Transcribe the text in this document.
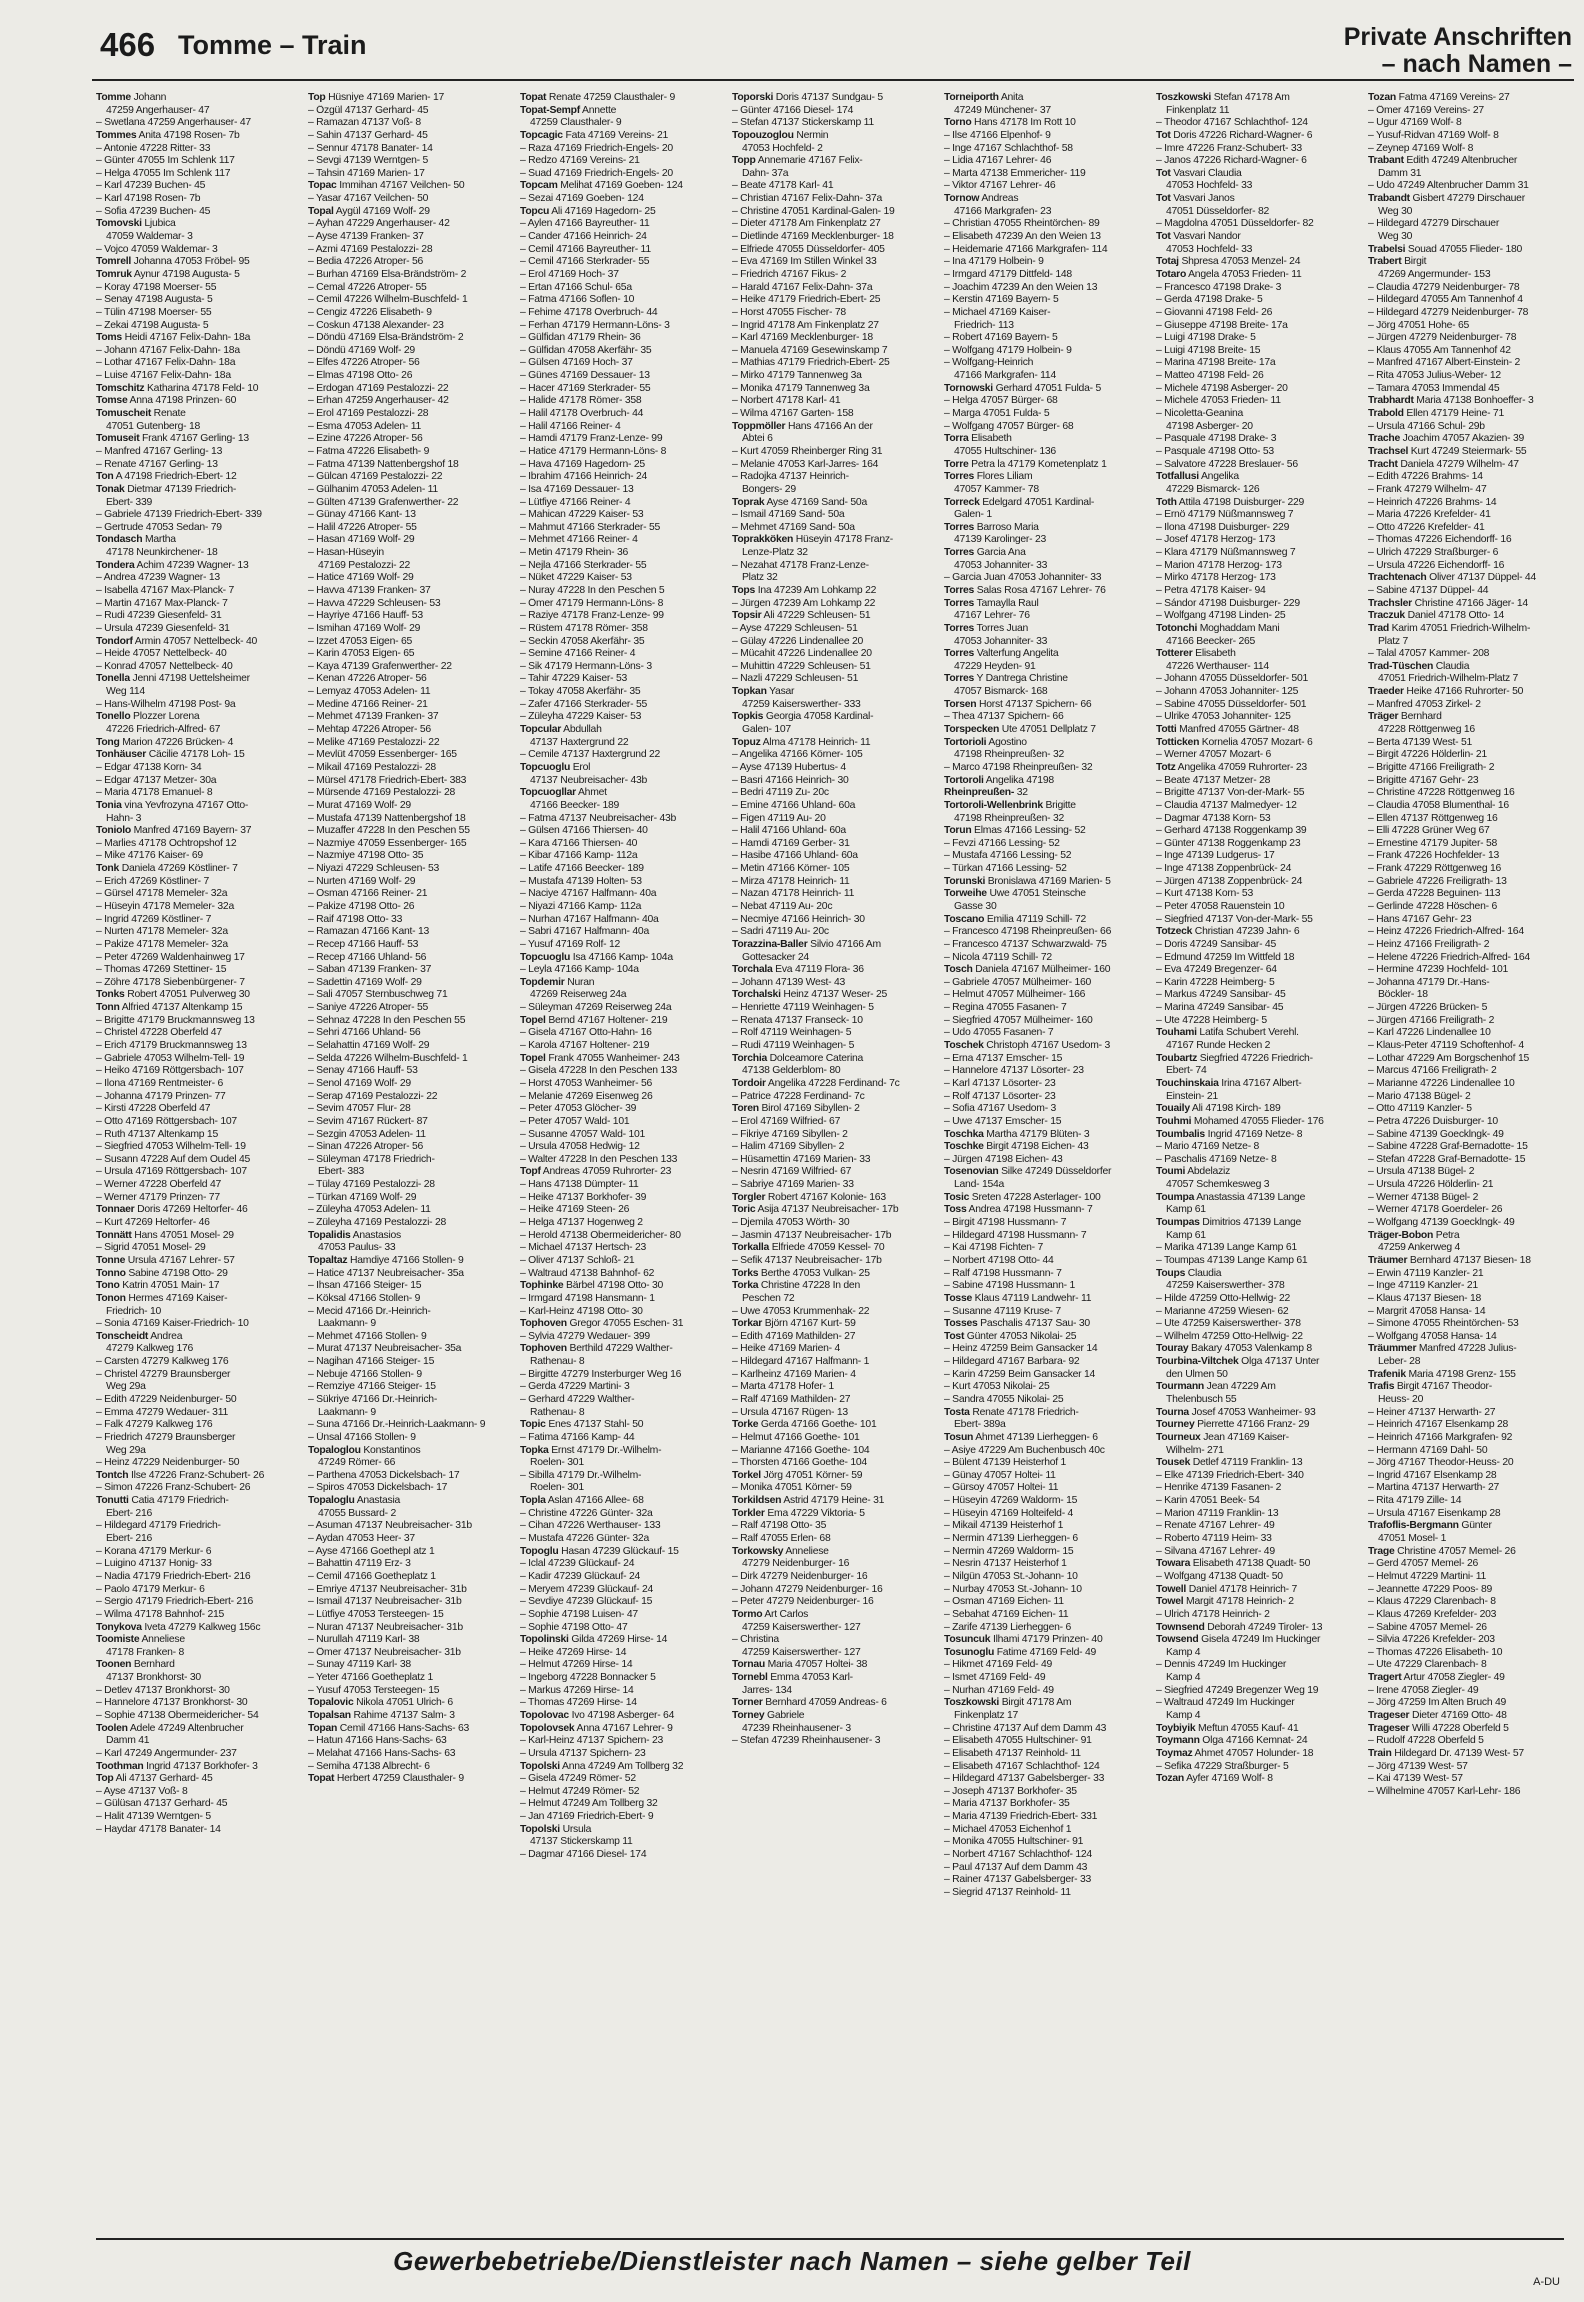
466 Tomme – Train	Private Anschriften
– nach Namen –
Tomme Johann
47259 Angerhauser- 47
– Swetlana 47259 Angerhauser- 47
Tommes Anita 47198 Rosen- 7b
– Antonie 47228 Ritter- 33
– Günter 47055 Im Schlenk 117
– Helga 47055 Im Schlenk 117
– Karl 47239 Buchen- 45
– Karl 47198 Rosen- 7b
– Sofia 47239 Buchen- 45
Tomovski Ljubica
47059 Waldemar- 3
– Vojco 47059 Waldemar- 3
Tomrell Johanna 47053 Fröbel- 95
Tomruk Aynur 47198 Augusta- 5
– Koray 47198 Moerser- 55
– Senay 47198 Augusta- 5
– Tülin 47198 Moerser- 55
– Zekai 47198 Augusta- 5
Toms Heidi 47167 Felix-Dahn- 18a
– Johann 47167 Felix-Dahn- 18a
– Lothar 47167 Felix-Dahn- 18a
– Luise 47167 Felix-Dahn- 18a
Tomschitz Katharina 47178 Feld- 10
Tomse Anna 47198 Prinzen- 60
Tomuscheit Renate
47051 Gutenberg- 18
Tomuseit Frank 47167 Gerling- 13
– Manfred 47167 Gerling- 13
– Renate 47167 Gerling- 13
Ton A 47198 Friedrich-Ebert- 12
Tonak Dietmar 47139 Friedrich-
Ebert- 339
– Gabriele 47139 Friedrich-Ebert- 339
– Gertrude 47053 Sedan- 79
Tondasch Martha
47178 Neunkirchener- 18
Tondera Achim 47239 Wagner- 13
– Andrea 47239 Wagner- 13
– Isabella 47167 Max-Planck- 7
– Martin 47167 Max-Planck- 7
– Rudi 47239 Giesenfeld- 31
– Ursula 47239 Giesenfeld- 31
Tondorf Armin 47057 Nettelbeck- 40
– Heide 47057 Nettelbeck- 40
– Konrad 47057 Nettelbeck- 40
Tonella Jenni 47198 Uettelsheimer
Weg 114
– Hans-Wilhelm 47198 Post- 9a
Tonello Plozzer Lorena
47226 Friedrich-Alfred- 67
Tong Marion 47226 Brücken- 4
Tonhäuser Cäcilie 47178 Loh- 15
– Edgar 47138 Korn- 34
– Edgar 47137 Metzer- 30a
– Maria 47178 Emanuel- 8
Tonia vina Yevfrozyna 47167 Otto-
Hahn- 3
Toniolo Manfred 47169 Bayern- 37
– Marlies 47178 Ochtropshof 12
– Mike 47176 Kaiser- 69
Tonk Daniela 47269 Köstliner- 7
– Erich 47269 Köstliner- 7
– Gürsel 47178 Memeler- 32a
– Hüseyin 47178 Memeler- 32a
– Ingrid 47269 Köstliner- 7
– Nurten 47178 Memeler- 32a
– Pakize 47178 Memeler- 32a
– Peter 47269 Waldenhainweg 17
– Thomas 47269 Stettiner- 15
– Zöhre 47178 Siebenbürgener- 7
Tonks Robert 47051 Pulverweg 30
Tonn Alfried 47137 Altenkamp 15
– Brigitte 47179 Bruckmannsweg 13
– Christel 47228 Oberfeld 47
– Erich 47179 Bruckmannsweg 13
– Gabriele 47053 Wilhelm-Tell- 19
– Heiko 47169 Röttgersbach- 107
– Ilona 47169 Rentmeister- 6
– Johanna 47179 Prinzen- 77
– Kirsti 47228 Oberfeld 47
– Otto 47169 Röttgersbach- 107
– Ruth 47137 Altenkamp 15
– Siegfried 47053 Wilhelm-Tell- 19
– Susann 47228 Auf dem Oudel 45
– Ursula 47169 Röttgersbach- 107
– Werner 47228 Oberfeld 47
– Werner 47179 Prinzen- 77
Tonnaer Doris 47269 Heltorfer- 46
– Kurt 47269 Heltorfer- 46
Tonnätt Hans 47051 Mosel- 29
– Sigrid 47051 Mosel- 29
Tonne Ursula 47167 Lehrer- 57
Tonno Sabine 47198 Otto- 29
Tono Katrin 47051 Main- 17
Tonon Hermes 47169 Kaiser-
Friedrich- 10
– Sonia 47169 Kaiser-Friedrich- 10
Tonscheidt Andrea
47279 Kalkweg 176
– Carsten 47279 Kalkweg 176
– Christel 47279 Braunsberger
Weg 29a
– Edith 47229 Neidenburger- 50
– Emma 47279 Wedauer- 311
– Falk 47279 Kalkweg 176
– Friedrich 47279 Braunsberger
Weg 29a
– Heinz 47229 Neidenburger- 50
Tontch Ilse 47226 Franz-Schubert- 26
– Simon 47226 Franz-Schubert- 26
Tonutti Catia 47179 Friedrich-
Ebert- 216
– Hildegard 47179 Friedrich-
Ebert- 216
– Korana 47179 Merkur- 6
– Luigino 47137 Honig- 33
– Nadia 47179 Friedrich-Ebert- 216
– Paolo 47179 Merkur- 6
– Sergio 47179 Friedrich-Ebert- 216
– Wilma 47178 Bahnhof- 215
Tonykova Iveta 47279 Kalkweg 156c
Toomiste Anneliese
47178 Franken- 8
Toonen Bernhard
47137 Bronkhorst- 30
– Detlev 47137 Bronkhorst- 30
– Hannelore 47137 Bronkhorst- 30
– Sophie 47138 Obermeidericher- 54
Toolen Adele 47249 Altenbrucher
Damm 41
– Karl 47249 Angermunder- 237
Toothman Ingrid 47137 Borkhofer- 3
Top Ali 47137 Gerhard- 45
– Ayse 47137 Voß- 8
– Gülüsan 47137 Gerhard- 45
– Halit 47139 Werntgen- 5
– Haydar 47178 Banater- 14
Top Hüsniye 47169 Marien- 17
– Özgül 47137 Gerhard- 45
– Ramazan 47137 Voß- 8
– Sahin 47137 Gerhard- 45
– Sennur 47178 Banater- 14
– Sevgi 47139 Werntgen- 5
– Tahsin 47169 Marien- 17
Topac Immihan 47167 Veilchen- 50
– Yasar 47167 Veilchen- 50
Topal Aygül 47169 Wolf- 29
– Ayhan 47229 Angerhauser- 42
– Ayse 47139 Franken- 37
– Azmi 47169 Pestalozzi- 28
– Bedia 47226 Atroper- 56
– Burhan 47169 Elsa-Brändström- 2
– Cemal 47226 Atroper- 55
– Cemil 47226 Wilhelm-Buschfeld- 1
– Cengiz 47226 Elisabeth- 9
– Coskun 47138 Alexander- 23
– Döndü 47169 Elsa-Brändström- 2
– Döndü 47169 Wolf- 29
– Elfes 47226 Atroper- 56
– Elmas 47198 Otto- 26
– Erdogan 47169 Pestalozzi- 22
– Erhan 47259 Angerhauser- 42
– Erol 47169 Pestalozzi- 28
– Esma 47053 Adelen- 11
– Ezine 47226 Atroper- 56
– Fatma 47226 Elisabeth- 9
– Fatma 47139 Nattenbergshof 18
– Gülcan 47169 Pestalozzi- 22
– Gülhanim 47053 Adelen- 11
– Gülten 47139 Grafenwerther- 22
– Günay 47166 Kant- 13
– Halil 47226 Atroper- 55
– Hasan 47169 Wolf- 29
– Hasan-Hüseyin
47169 Pestalozzi- 22
– Hatice 47169 Wolf- 29
– Havva 47139 Franken- 37
– Havva 47229 Schleusen- 53
– Hayriye 47166 Hauff- 53
– Ismihan 47169 Wolf- 29
– Izzet 47053 Eigen- 65
– Karin 47053 Eigen- 65
– Kaya 47139 Grafenwerther- 22
– Kenan 47226 Atroper- 56
– Lemyaz 47053 Adelen- 11
– Medine 47166 Reiner- 21
– Mehmet 47139 Franken- 37
– Mehtap 47226 Atroper- 56
– Melike 47169 Pestalozzi- 22
– Mevlüt 47059 Essenberger- 165
– Mikail 47169 Pestalozzi- 28
– Mürsel 47178 Friedrich-Ebert- 383
– Mürsende 47169 Pestalozzi- 28
– Murat 47169 Wolf- 29
– Mustafa 47139 Nattenbergshof 18
– Muzaffer 47228 In den Peschen 55
– Nazmiye 47059 Essenberger- 165
– Nazmiye 47198 Otto- 35
– Niyazi 47229 Schleusen- 53
– Nurten 47169 Wolf- 29
– Osman 47166 Reiner- 21
– Pakize 47198 Otto- 26
– Raif 47198 Otto- 33
– Ramazan 47166 Kant- 13
– Recep 47166 Hauff- 53
– Recep 47166 Uhland- 56
– Saban 47139 Franken- 37
– Sadettin 47169 Wolf- 29
– Sali 47057 Sternbuschweg 71
– Saniye 47226 Atroper- 55
– Sehnaz 47228 In den Peschen 55
– Sehri 47166 Uhland- 56
– Selahattin 47169 Wolf- 29
– Selda 47226 Wilhelm-Buschfeld- 1
– Senay 47166 Hauff- 53
– Senol 47169 Wolf- 29
– Serap 47169 Pestalozzi- 22
– Sevim 47057 Flur- 28
– Sevim 47167 Rückert- 87
– Sezgin 47053 Adelen- 11
– Sinan 47226 Atroper- 56
– Süleyman 47178 Friedrich-
Ebert- 383
– Tülay 47169 Pestalozzi- 28
– Türkan 47169 Wolf- 29
– Züleyha 47053 Adelen- 11
– Züleyha 47169 Pestalozzi- 28
Topalidis Anastasios
47053 Paulus- 33
Topaltaz Hamdiye 47166 Stollen- 9
– Hatice 47137 Neubreisacher- 35a
– Ihsan 47166 Steiger- 15
– Köksal 47166 Stollen- 9
– Mecid 47166 Dr.-Heinrich-
Laakmann- 9
– Mehmet 47166 Stollen- 9
– Murat 47137 Neubreisacher- 35a
– Nagihan 47166 Steiger- 15
– Nebuje 47166 Stollen- 9
– Remziye 47166 Steiger- 15
– Sükriye 47166 Dr.-Heinrich-
Laakmann- 9
– Suna 47166 Dr.-Heinrich-Laakmann- 9
– Ünsal 47166 Stollen- 9
Topaloglou Konstantinos
47249 Römer- 66
– Parthena 47053 Dickelsbach- 17
– Spiros 47053 Dickelsbach- 17
Topaloglu Anastasia
47055 Bussard- 2
– Asuman 47137 Neubreisacher- 31b
– Aydan 47053 Heer- 37
– Ayse 47166 Goethepl atz 1
– Bahattin 47119 Erz- 3
– Cemil 47166 Goetheplatz 1
– Emriye 47137 Neubreisacher- 31b
– Ismail 47137 Neubreisacher- 31b
– Lütfiye 47053 Tersteegen- 15
– Nuran 47137 Neubreisacher- 31b
– Nurullah 47119 Karl- 38
– Ömer 47137 Neubreisacher- 31b
– Sunay 47119 Karl- 38
– Yeter 47166 Goetheplatz 1
– Yusuf 47053 Tersteegen- 15
Topalovic Nikola 47051 Ulrich- 6
Topalsan Rahime 47137 Salm- 3
Topan Cemil 47166 Hans-Sachs- 63
– Hatun 47166 Hans-Sachs- 63
– Melahat 47166 Hans-Sachs- 63
– Semiha 47138 Albrecht- 6
Topat Herbert 47259 Clausthaler- 9
Topat Renate 47259 Clausthaler- 9
Topat-Sempf Annette
47259 Clausthaler- 9
Topcagic Fata 47169 Vereins- 21
– Raza 47169 Friedrich-Engels- 20
– Redzo 47169 Vereins- 21
– Suad 47169 Friedrich-Engels- 20
Topcam Melihat 47169 Goeben- 124
– Sezai 47169 Goeben- 124
Topcu Ali 47169 Hagedorn- 25
– Aylen 47166 Bayreuther- 11
– Cander 47166 Heinrich- 24
– Cemil 47166 Bayreuther- 11
– Cemil 47166 Sterkrader- 55
– Erol 47169 Hoch- 37
– Ertan 47166 Schul- 65a
– Fatma 47166 Soflen- 10
– Fehime 47178 Overbruch- 44
– Ferhan 47179 Hermann-Löns- 3
– Gülfidan 47179 Rhein- 36
– Gülfidan 47058 Akerfähr- 35
– Gülsen 47169 Hoch- 37
– Günes 47169 Dessauer- 13
– Hacer 47169 Sterkrader- 55
– Halide 47178 Römer- 358
– Halil 47178 Overbruch- 44
– Halil 47166 Reiner- 4
– Hamdi 47179 Franz-Lenze- 99
– Hatice 47179 Hermann-Löns- 8
– Hava 47169 Hagedorn- 25
– Ibrahim 47166 Heinrich- 24
– Isa 47169 Dessauer- 13
– Lütfiye 47166 Reiner- 4
– Mahican 47229 Kaiser- 53
– Mahmut 47166 Sterkrader- 55
– Mehmet 47166 Reiner- 4
– Metin 47179 Rhein- 36
– Nejla 47166 Sterkrader- 55
– Nüket 47229 Kaiser- 53
– Nuray 47228 In den Peschen 5
– Ömer 47179 Hermann-Löns- 8
– Raziye 47178 Franz-Lenze- 99
– Rüstem 47178 Römer- 358
– Seckin 47058 Akerfähr- 35
– Semine 47166 Reiner- 4
– Sik 47179 Hermann-Löns- 3
– Tahir 47229 Kaiser- 53
– Tokay 47058 Akerfähr- 35
– Zafer 47166 Sterkrader- 55
– Züleyha 47229 Kaiser- 53
Topcular Abdullah
47137 Haxtergrund 22
– Cemile 47137 Haxtergrund 22
Topcuoglu Erol
47137 Neubreisacher- 43b
Topcuogllar Ahmet
47166 Beecker- 189
– Fatma 47137 Neubreisacher- 43b
– Gülsen 47166 Thiersen- 40
– Kara 47166 Thiersen- 40
– Kibar 47166 Kamp- 112a
– Latife 47166 Beecker- 189
– Mustafa 47139 Holten- 53
– Naciye 47167 Halfmann- 40a
– Niyazi 47166 Kamp- 112a
– Nurhan 47167 Halfmann- 40a
– Sabri 47167 Halfmann- 40a
– Yusuf 47169 Rolf- 12
Topcuoglu Isa 47166 Kamp- 104a
– Leyla 47166 Kamp- 104a
Topdemir Nuran
47269 Reiserweg 24a
– Süleyman 47269 Reiserweg 24a
Topel Bernd 47167 Holtener- 219
– Gisela 47167 Otto-Hahn- 16
– Karola 47167 Holtener- 219
Topel Frank 47055 Wanheimer- 243
– Gisela 47228 In den Peschen 133
– Horst 47053 Wanheimer- 56
– Melanie 47269 Eisenweg 26
– Peter 47053 Glöcher- 39
– Peter 47057 Wald- 101
– Susanne 47057 Wald- 101
– Ursula 47058 Hedwig- 12
– Walter 47228 In den Peschen 133
Topf Andreas 47059 Ruhrorter- 23
– Hans 47138 Dümpter- 11
– Heike 47137 Borkhofer- 39
– Heike 47169 Steen- 26
– Helga 47137 Hogenweg 2
– Herold 47138 Obermeidericher- 80
– Michael 47137 Hertsch- 23
– Oliver 47137 Schloß- 21
– Waltraud 47138 Bahnhof- 62
Tophinke Bärbel 47198 Otto- 30
– Irmgard 47198 Hansmann- 1
– Karl-Heinz 47198 Otto- 30
Tophoven Gregor 47055 Eschen- 31
– Sylvia 47279 Wedauer- 399
Tophoven Berthild 47229 Walther-
Rathenau- 8
– Birgitte 47279 Insterburger Weg 16
– Gerda 47229 Martini- 3
– Gerhard 47229 Walther-
Rathenau- 8
Topic Enes 47137 Stahl- 50
– Fatima 47166 Kamp- 44
Topka Ernst 47179 Dr.-Wilhelm-
Roelen- 301
– Sibilla 47179 Dr.-Wilhelm-
Roelen- 301
Topla Aslan 47166 Allee- 68
– Christine 47226 Günter- 32a
– Cihan 47226 Werthauser- 133
– Mustafa 47226 Günter- 32a
Topoglu Hasan 47239 Glückauf- 15
– Iclal 47239 Glückauf- 24
– Kadir 47239 Glückauf- 24
– Meryem 47239 Glückauf- 24
– Sevdiye 47239 Glückauf- 15
– Sophie 47198 Luisen- 47
– Sophie 47198 Otto- 47
Topolinski Gilda 47269 Hirse- 14
– Heike 47269 Hirse- 14
– Helmut 47269 Hirse- 14
– Ingeborg 47228 Bonnacker 5
– Markus 47269 Hirse- 14
– Thomas 47269 Hirse- 14
Topolovac Ivo 47198 Asberger- 64
Topolovsek Anna 47167 Lehrer- 9
– Karl-Heinz 47137 Spichern- 23
– Ursula 47137 Spichern- 23
Topolski Anna 47249 Am Tollberg 32
– Gisela 47249 Römer- 52
– Helmut 47249 Römer- 52
– Helmut 47249 Am Tollberg 32
– Jan 47169 Friedrich-Ebert- 9
Topolski Ursula
47137 Stickerskamp 11
– Dagmar 47166 Diesel- 174
Toporski Doris 47137 Sundgau- 5
– Günter 47166 Diesel- 174
– Stefan 47137 Stickerskamp 11
Topouzoglou Nermin
47053 Hochfeld- 2
Topp Annemarie 47167 Felix-
Dahn- 37a
– Beate 47178 Karl- 41
– Christian 47167 Felix-Dahn- 37a
– Christine 47051 Kardinal-Galen- 19
– Dieter 47178 Am Finkenplatz 27
– Dietlinde 47169 Mecklenburger- 18
– Elfriede 47055 Düsseldorfer- 405
– Eva 47169 Im Stillen Winkel 33
– Friedrich 47167 Fikus- 2
– Harald 47167 Felix-Dahn- 37a
– Heike 47179 Friedrich-Ebert- 25
– Horst 47055 Fischer- 78
– Ingrid 47178 Am Finkenplatz 27
– Karl 47169 Mecklenburger- 18
– Manuela 47169 Gesewinskamp 7
– Mathias 47179 Friedrich-Ebert- 25
– Mirko 47179 Tannenweg 3a
– Monika 47179 Tannenweg 3a
– Norbert 47178 Karl- 41
– Wilma 47167 Garten- 158
Toppmöller Hans 47166 An der
Abtei 6
– Kurt 47059 Rheinberger Ring 31
– Melanie 47053 Karl-Jarres- 164
– Radojka 47137 Heinrich-
Bongers- 29
Toprak Ayse 47169 Sand- 50a
– Ismail 47169 Sand- 50a
– Mehmet 47169 Sand- 50a
Toprakköken Hüseyin 47178 Franz-
Lenze-Platz 32
– Nezahat 47178 Franz-Lenze-
Platz 32
Tops Ina 47239 Am Lohkamp 22
– Jürgen 47239 Am Lohkamp 22
Topsir Ali 47229 Schleusen- 51
– Ayse 47229 Schleusen- 51
– Gülay 47226 Lindenallee 20
– Mücahit 47226 Lindenallee 20
– Muhittin 47229 Schleusen- 51
– Nazli 47229 Schleusen- 51
Topkan Yasar
47259 Kaiserswerther- 333
Topkis Georgia 47058 Kardinal-
Galen- 107
Topuz Alma 47178 Heinrich- 11
– Angelika 47166 Körner- 105
– Ayse 47139 Hubertus- 4
– Basri 47166 Heinrich- 30
– Bedri 47119 Zu- 20c
– Emine 47166 Uhland- 60a
– Figen 47119 Au- 20
– Halil 47166 Uhland- 60a
– Hamdi 47169 Gerber- 31
– Hasibe 47166 Uhland- 60a
– Metin 47166 Körner- 105
– Mirza 47178 Heinrich- 11
– Nazan 47178 Heinrich- 11
– Nebat 47119 Au- 20c
– Necmiye 47166 Heinrich- 30
– Sadri 47119 Au- 20c
Torazzina-Baller Silvio 47166 Am
Gottesacker 24
Torchala Eva 47119 Flora- 36
– Johann 47139 West- 43
Torchalski Heinz 47137 Weser- 25
– Henriette 47119 Weinhagen- 5
– Renata 47137 Franseck- 10
– Rolf 47119 Weinhagen- 5
– Rudi 47119 Weinhagen- 5
Torchia Dolceamore Caterina
47138 Gelderblom- 80
Tordoir Angelika 47228 Ferdinand- 7c
– Patrice 47228 Ferdinand- 7c
Toren Birol 47169 Sibyllen- 2
– Erol 47169 Wilfried- 67
– Fikriye 47169 Sibyllen- 2
– Halim 47169 Sibyllen- 2
– Hüsamettin 47169 Marien- 33
– Nesrin 47169 Wilfried- 67
– Sabriye 47169 Marien- 33
Torgler Robert 47167 Kolonie- 163
Toric Asija 47137 Neubreisacher- 17b
– Djemila 47053 Wörth- 30
– Jasmin 47137 Neubreisacher- 17b
Torkalla Elfriede 47059 Kessel- 70
– Sefik 47137 Neubreisacher- 17b
Torks Berthe 47053 Vulkan- 25
Torka Christine 47228 In den
Peschen 72
– Uwe 47053 Krummenhak- 22
Torkar Björn 47167 Kurt- 59
– Edith 47169 Mathilden- 27
– Heike 47169 Marien- 4
– Hildegard 47167 Halfmann- 1
– Karlheinz 47169 Marien- 4
– Marta 47178 Hofer- 1
– Ralf 47169 Mathilden- 27
– Ursula 47167 Rügen- 13
Torke Gerda 47166 Goethe- 101
– Helmut 47166 Goethe- 101
– Marianne 47166 Goethe- 104
– Thorsten 47166 Goethe- 104
Torkel Jörg 47051 Körner- 59
– Monika 47051 Körner- 59
Torkildsen Astrid 47179 Heine- 31
Torkler Ema 47229 Viktoria- 5
– Ralf 47198 Otto- 35
– Ralf 47055 Erlen- 68
Torkowsky Anneliese
47279 Neidenburger- 16
– Dirk 47279 Neidenburger- 16
– Johann 47279 Neidenburger- 16
– Peter 47279 Neidenburger- 16
Tormo Art Carlos
47259 Kaiserswerther- 127
– Christina
47259 Kaiserswerther- 127
Tornau Maria 47057 Holtei- 38
Tornebl Emma 47053 Karl-
Jarres- 134
Torner Bernhard 47059 Andreas- 6
Torney Gabriele
47239 Rheinhausener- 3
– Stefan 47239 Rheinhausener- 3
Torneiporth Anita
47249 Münchener- 37
Torno Hans 47178 Im Rott 10
– Ilse 47166 Elpenhof- 9
– Inge 47167 Schlachthof- 58
– Lidia 47167 Lehrer- 46
– Marta 47138 Emmericher- 119
– Viktor 47167 Lehrer- 46
Tornow Andreas
47166 Markgrafen- 23
– Christian 47055 Rheintörchen- 89
– Elisabeth 47239 An den Weien 13
– Heidemarie 47166 Markgrafen- 114
– Ina 47179 Holbein- 9
– Irmgard 47179 Dittfeld- 148
– Joachim 47239 An den Weien 13
– Kerstin 47169 Bayern- 5
– Michael 47169 Kaiser-
Friedrich- 113
– Robert 47169 Bayern- 5
– Wolfgang 47179 Holbein- 9
– Wolfgang-Heinrich
47166 Markgrafen- 114
Tornowski Gerhard 47051 Fulda- 5
– Helga 47057 Bürger- 68
– Marga 47051 Fulda- 5
– Wolfgang 47057 Bürger- 68
Torra Elisabeth
47055 Hultschiner- 136
Torre Petra la 47179 Kometenplatz 1
Torres Flores Liliam
47057 Kammer- 78
Torreck Edelgard 47051 Kardinal-
Galen- 1
Torres Barroso Maria
47139 Karolinger- 23
Torres Garcia Ana
47053 Johanniter- 33
– Garcia Juan 47053 Johanniter- 33
Torres Salas Rosa 47167 Lehrer- 76
Torres Tamaylla Raul
47167 Lehrer- 76
Torres Torres Juan
47053 Johanniter- 33
Torres Valterfung Angelita
47229 Heyden- 91
Torres Y Dantrega Christine
47057 Bismarck- 168
Torsen Horst 47137 Spichern- 66
– Thea 47137 Spichern- 66
Torspecken Ute 47051 Dellplatz 7
Tortorioli Agostino
47198 Rheinpreußen- 32
– Marco 47198 Rheinpreußen- 32
Tortoroli Angelika 47198
Rheinpreußen- 32
Tortoroli-Wellenbrink Brigitte
47198 Rheinpreußen- 32
Torun Elmas 47166 Lessing- 52
– Fevzi 47166 Lessing- 52
– Mustafa 47166 Lessing- 52
– Türkan 47166 Lessing- 52
Torunski Bronislawa 47169 Marien- 5
Torweihe Uwe 47051 Steinsche
Gasse 30
Toscano Emilia 47119 Schill- 72
– Francesco 47198 Rheinpreußen- 66
– Francesco 47137 Schwarzwald- 75
– Nicola 47119 Schill- 72
Tosch Daniela 47167 Mülheimer- 160
– Gabriele 47057 Mülheimer- 160
– Helmut 47057 Mülheimer- 166
– Regina 47055 Fasanen- 7
– Siegfried 47057 Mülheimer- 160
– Udo 47055 Fasanen- 7
Toschek Christoph 47167 Usedom- 3
– Erna 47137 Emscher- 15
– Hannelore 47137 Lösorter- 23
– Karl 47137 Lösorter- 23
– Rolf 47137 Lösorter- 23
– Sofia 47167 Usedom- 3
– Uwe 47137 Emscher- 15
Toschka Martha 47179 Blüten- 3
Toschke Birgit 47198 Eichen- 43
– Jürgen 47198 Eichen- 43
Tosenovian Silke 47249 Düsseldorfer
Land- 154a
Tosic Sreten 47228 Asterlager- 100
Toss Andrea 47198 Hussmann- 7
– Birgit 47198 Hussmann- 7
– Hildegard 47198 Hussmann- 7
– Kai 47198 Fichten- 7
– Norbert 47198 Otto- 44
– Ralf 47198 Hussmann- 7
– Sabine 47198 Hussmann- 1
Tosse Klaus 47119 Landwehr- 11
– Susanne 47119 Kruse- 7
Tosses Paschalis 47137 Sau- 30
Tost Günter 47053 Nikolai- 25
– Heinz 47259 Beim Gansacker 14
– Hildegard 47167 Barbara- 92
– Karin 47259 Beim Gansacker 14
– Kurt 47053 Nikolai- 25
– Sandra 47055 Nikolai- 25
Tosta Renate 47178 Friedrich-
Ebert- 389a
Tosun Ahmet 47139 Lierheggen- 6
– Asiye 47229 Am Buchenbusch 40c
– Bülent 47139 Heisterhof 1
– Günay 47057 Holtei- 11
– Gürsoy 47057 Holtei- 11
– Hüseyin 47269 Waldorm- 15
– Hüseyin 47169 Holteifeld- 4
– Mikail 47139 Heisterhof 1
– Nermin 47139 Lierheggen- 6
– Nermin 47269 Waldorm- 15
– Nesrin 47137 Heisterhof 1
– Nilgün 47053 St.-Johann- 10
– Nurbay 47053 St.-Johann- 10
– Osman 47169 Eichen- 11
– Sebahat 47169 Eichen- 11
– Zarife 47139 Lierheggen- 6
Tosuncuk Ilhami 47179 Prinzen- 40
Tosunoglu Fatime 47169 Feld- 49
– Hikmet 47169 Feld- 49
– Ismet 47169 Feld- 49
– Nurhan 47169 Feld- 49
Toszkowski Birgit 47178 Am
Finkenplatz 17
– Christine 47137 Auf dem Damm 43
– Elisabeth 47055 Hultschiner- 91
– Elisabeth 47137 Reinhold- 11
– Elisabeth 47167 Schlachthof- 124
– Hildegard 47137 Gabelsberger- 33
– Joseph 47137 Borkhofer- 35
– Maria 47137 Borkhofer- 35
– Maria 47139 Friedrich-Ebert- 331
– Michael 47053 Eichenhof 1
– Monika 47055 Hultschiner- 91
– Norbert 47167 Schlachthof- 124
– Paul 47137 Auf dem Damm 43
– Rainer 47137 Gabelsberger- 33
– Siegrid 47137 Reinhold- 11
Toszkowski Stefan 47178 Am
Finkenplatz 11
– Theodor 47167 Schlachthof- 124
Tot Doris 47226 Richard-Wagner- 6
– Imre 47226 Franz-Schubert- 33
– Janos 47226 Richard-Wagner- 6
Tot Vasvari Claudia
47053 Hochfeld- 33
Tot Vasvari Janos
47051 Düsseldorfer- 82
– Magdolna 47051 Düsseldorfer- 82
Tot Vasvari Nandor
47053 Hochfeld- 33
Totaj Shpresa 47053 Menzel- 24
Totaro Angela 47053 Frieden- 11
– Francesco 47198 Drake- 3
– Gerda 47198 Drake- 5
– Giovanni 47198 Feld- 26
– Giuseppe 47198 Breite- 17a
– Luigi 47198 Drake- 5
– Luigi 47198 Breite- 15
– Marina 47198 Breite- 17a
– Matteo 47198 Feld- 26
– Michele 47198 Asberger- 20
– Michele 47053 Frieden- 11
– Nicoletta-Geanina
47198 Asberger- 20
– Pasquale 47198 Drake- 3
– Pasquale 47198 Otto- 53
– Salvatore 47228 Breslauer- 56
Totfallusi Angelika
47229 Bismarck- 126
Toth Attila 47198 Duisburger- 229
– Ernö 47179 Nüßmannsweg 7
– Ilona 47198 Duisburger- 229
– Josef 47178 Herzog- 173
– Klara 47179 Nüßmannsweg 7
– Marion 47178 Herzog- 173
– Mirko 47178 Herzog- 173
– Petra 47178 Kaiser- 94
– Sándor 47198 Duisburger- 229
– Wolfgang 47198 Linden- 25
Totonchi Moghaddam Mani
47166 Beecker- 265
Totterer Elisabeth
47226 Werthauser- 114
– Johann 47055 Düsseldorfer- 501
– Johann 47053 Johanniter- 125
– Sabine 47055 Düsseldorfer- 501
– Ulrike 47053 Johanniter- 125
Totti Manfred 47055 Gärtner- 48
Totticken Kornelia 47057 Mozart- 6
– Werner 47057 Mozart- 6
Totz Angelika 47059 Ruhrorter- 23
– Beate 47137 Metzer- 28
– Brigitte 47137 Von-der-Mark- 55
– Claudia 47137 Malmedyer- 12
– Dagmar 47138 Korn- 53
– Gerhard 47138 Roggenkamp 39
– Günter 47138 Roggenkamp 23
– Inge 47139 Ludgerus- 17
– Inge 47138 Zoppenbrück- 24
– Jürgen 47138 Zoppenbrück- 24
– Kurt 47138 Korn- 53
– Peter 47058 Rauenstein 10
– Siegfried 47137 Von-der-Mark- 55
Totzeck Christian 47239 Jahn- 6
– Doris 47249 Sansibar- 45
– Edmund 47259 Im Wittfeld 18
– Eva 47249 Bregenzer- 64
– Karin 47228 Heimberg- 5
– Markus 47249 Sansibar- 45
– Marina 47249 Sansibar- 45
– Ute 47228 Heimberg- 5
Touhami Latifa Schubert Verehl.
47167 Runde Hecken 2
Toubartz Siegfried 47226 Friedrich-
Ebert- 74
Touchinskaia Irina 47167 Albert-
Einstein- 21
Touaily Ali 47198 Kirch- 189
Touhmi Mohamed 47055 Flieder- 176
Toumbalis Ingrid 47169 Netze- 8
– Mario 47169 Netze- 8
– Paschalis 47169 Netze- 8
Toumi Abdelaziz
47057 Schemkesweg 3
Toumpa Anastassia 47139 Lange
Kamp 61
Toumpas Dimitrios 47139 Lange
Kamp 61
– Marika 47139 Lange Kamp 61
– Toumpas 47139 Lange Kamp 61
Toups Claudia
47259 Kaiserswerther- 378
– Hilde 47259 Otto-Hellwig- 22
– Marianne 47259 Wiesen- 62
– Ute 47259 Kaiserswerther- 378
– Wilhelm 47259 Otto-Hellwig- 22
Touray Bakary 47053 Valenkamp 8
Tourbina-Viltchek Olga 47137 Unter
den Ulmen 50
Tourmann Jean 47229 Am
Thelenbusch 55
Tourna Josef 47053 Wanheimer- 93
Tourney Pierrette 47166 Franz- 29
Tourneux Jean 47169 Kaiser-
Wilhelm- 271
Tousek Detlef 47119 Franklin- 13
– Elke 47139 Friedrich-Ebert- 340
– Henrike 47139 Fasanen- 2
– Karin 47051 Beek- 54
– Marion 47119 Franklin- 13
– Renate 47167 Lehrer- 49
– Roberto 47119 Heim- 33
– Silvana 47167 Lehrer- 49
Towara Elisabeth 47138 Quadt- 50
– Wolfgang 47138 Quadt- 50
Towell Daniel 47178 Heinrich- 7
Towel Margit 47178 Heinrich- 2
– Ulrich 47178 Heinrich- 2
Townsend Deborah 47249 Tiroler- 13
Towsend Gisela 47249 Im Huckinger
Kamp 4
– Dennis 47249 Im Huckinger
Kamp 4
– Siegfried 47249 Bregenzer Weg 19
– Waltraud 47249 Im Huckinger
Kamp 4
Toybiyik Meftun 47055 Kauf- 41
Toymann Olga 47166 Kemnat- 24
Toymaz Ahmet 47057 Holunder- 18
– Sefika 47229 Straßburger- 5
Tozan Ayfer 47169 Wolf- 8
Tozan Fatma 47169 Vereins- 27
– Ömer 47169 Vereins- 27
– Ugur 47169 Wolf- 8
– Yusuf-Ridvan 47169 Wolf- 8
– Zeynep 47169 Wolf- 8
Trabant Edith 47249 Altenbrucher
Damm 31
– Udo 47249 Altenbrucher Damm 31
Trabandt Gisbert 47279 Dirschauer
Weg 30
– Hildegard 47279 Dirschauer
Weg 30
Trabelsi Souad 47055 Flieder- 180
Trabert Birgit
47269 Angermunder- 153
– Claudia 47279 Neidenburger- 78
– Hildegard 47055 Am Tannenhof 4
– Hildegard 47279 Neidenburger- 78
– Jörg 47051 Hohe- 65
– Jürgen 47279 Neidenburger- 78
– Klaus 47055 Am Tannenhof 42
– Manfred 47167 Albert-Einstein- 2
– Rita 47053 Julius-Weber- 12
– Tamara 47053 Immendal 45
Trabhardt Maria 47138 Bonhoeffer- 3
Trabold Ellen 47179 Heine- 71
– Ursula 47166 Schul- 29b
Trache Joachim 47057 Akazien- 39
Trachsel Kurt 47249 Steiermark- 55
Tracht Daniela 47279 Wilhelm- 47
– Edith 47226 Brahms- 14
– Frank 47279 Wilhelm- 47
– Heinrich 47226 Brahms- 14
– Maria 47226 Krefelder- 41
– Otto 47226 Krefelder- 41
– Thomas 47226 Eichendorff- 16
– Ulrich 47229 Straßburger- 6
– Ursula 47226 Eichendorff- 16
Trachtenach Oliver 47137 Düppel- 44
– Sabine 47137 Düppel- 44
Trachsler Christine 47166 Jäger- 14
Traczuk Daniel 47178 Otto- 14
Trad Karim 47051 Friedrich-Wilhelm-
Platz 7
– Talal 47057 Kammer- 208
Trad-Tüschen Claudia
47051 Friedrich-Wilhelm-Platz 7
Traeder Heike 47166 Ruhrorter- 50
– Manfred 47053 Zirkel- 2
Träger Bernhard
47228 Röttgenweg 16
– Berta 47139 West- 51
– Birgit 47226 Hölderlin- 21
– Brigitte 47166 Freiligrath- 2
– Brigitte 47167 Gehr- 23
– Christine 47228 Röttgenweg 16
– Claudia 47058 Blumenthal- 16
– Ellen 47137 Röttgenweg 16
– Elli 47228 Grüner Weg 67
– Ernestine 47179 Jupiter- 58
– Frank 47226 Hochfelder- 13
– Frank 47229 Röttgenweg 16
– Gabriele 47226 Freiligrath- 13
– Gerda 47228 Beguinen- 113
– Gerlinde 47228 Höschen- 6
– Hans 47167 Gehr- 23
– Heinz 47226 Friedrich-Alfred- 164
– Heinz 47166 Freiligrath- 2
– Helene 47226 Friedrich-Alfred- 164
– Hermine 47239 Hochfeld- 101
– Johanna 47179 Dr.-Hans-
Böckler- 18
– Jürgen 47226 Brücken- 5
– Jürgen 47166 Freiligrath- 2
– Karl 47226 Lindenallee 10
– Klaus-Peter 47119 Schoftenhof- 4
– Lothar 47229 Am Borgschenhof 15
– Marcus 47166 Freiligrath- 2
– Marianne 47226 Lindenallee 10
– Mario 47138 Bügel- 2
– Otto 47119 Kanzler- 5
– Petra 47226 Duisburger- 10
– Sabine 47139 Goecklngk- 49
– Sabine 47228 Graf-Bernadotte- 15
– Stefan 47228 Graf-Bernadotte- 15
– Ursula 47138 Bügel- 2
– Ursula 47226 Hölderlin- 21
– Werner 47138 Bügel- 2
– Werner 47178 Goerdeler- 26
– Wolfgang 47139 Goecklngk- 49
Träger-Bobon Petra
47259 Ankerweg 4
Träumer Bernhard 47137 Biesen- 18
– Erwin 47119 Kanzler- 21
– Inge 47119 Kanzler- 21
– Klaus 47137 Biesen- 18
– Margrit 47058 Hansa- 14
– Simone 47055 Rheintörchen- 53
– Wolfgang 47058 Hansa- 14
Träummer Manfred 47228 Julius-
Leber- 28
Trafenik Maria 47198 Grenz- 155
Trafis Birgit 47167 Theodor-
Heuss- 20
– Heiner 47137 Herwarth- 27
– Heinrich 47167 Elsenkamp 28
– Heinrich 47166 Markgrafen- 92
– Hermann 47169 Dahl- 50
– Jörg 47167 Theodor-Heuss- 20
– Ingrid 47167 Elsenkamp 28
– Martina 47137 Herwarth- 27
– Rita 47179 Zille- 14
– Ursula 47167 Eisenkamp 28
Trafoflis-Bergmann Günter
47051 Mosel- 1
Trage Christine 47057 Memel- 26
– Gerd 47057 Memel- 26
– Helmut 47229 Martini- 11
– Jeannette 47229 Poos- 89
– Klaus 47229 Clarenbach- 8
– Klaus 47269 Krefelder- 203
– Sabine 47057 Memel- 26
– Silvia 47226 Krefelder- 203
– Thomas 47226 Elisabeth- 10
– Ute 47229 Clarenbach- 8
Tragert Artur 47058 Ziegler- 49
– Irene 47058 Ziegler- 49
– Jörg 47259 Im Alten Bruch 49
Trageser Dieter 47169 Otto- 48
Trageser Willi 47228 Oberfeld 5
– Rudolf 47228 Oberfeld 5
Train Hildegard Dr. 47139 West- 57
– Jörg 47139 West- 57
– Kai 47139 West- 57
– Wilhelmine 47057 Karl-Lehr- 186
Gewerbebetriebe/Dienstleister nach Namen – siehe gelber Teil
A-DU
